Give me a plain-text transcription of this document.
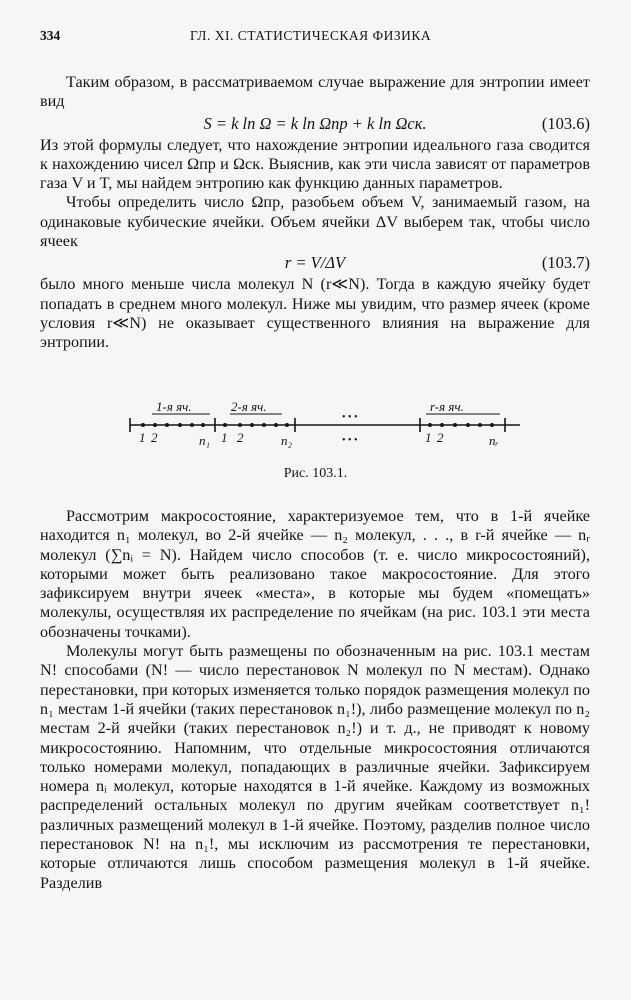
334	ГЛ. XI. СТАТИСТИЧЕСКАЯ ФИЗИКА

Таким образом, в рассматриваемом случае выражение для энтропии имеет вид

S = k ln Ω = k ln Ωпр + k ln Ωск.	(103.6)

Из этой формулы следует, что нахождение энтропии идеального газа сводится к нахождению чисел Ωпр и Ωск. Выяснив, как эти числа зависят от параметров газа V и T, мы найдем энтропию как функцию данных параметров.

Чтобы определить число Ωпр, разобьем объем V, занимаемый газом, на одинаковые кубические ячейки. Объем ячейки ΔV выберем так, чтобы число ячеек

r = V/ΔV	(103.7)

было много меньше числа молекул N (r≪N). Тогда в каждую ячейку будет попадать в среднем много молекул. Ниже мы увидим, что размер ячеек (кроме условия r≪N) не оказывает существенного влияния на выражение для энтропии.

1-я яч.	2-я яч.	r-я яч.
• • •
• • •
1 2	n₁ 1 2	n₂	1 2	nᵣ
Рис. 103.1.

Рассмотрим макросостояние, характеризуемое тем, что в 1-й ячейке находится n₁ молекул, во 2-й ячейке — n₂ молекул, . . ., в r-й ячейке — nᵣ молекул (∑nᵢ = N). Найдем число способов (т. е. число микросостояний), которыми может быть реализовано такое макросостояние. Для этого зафиксируем внутри ячеек «места», в которые мы будем «помещать» молекулы, осуществляя их распределение по ячейкам (на рис. 103.1 эти места обозначены точками).

Молекулы могут быть размещены по обозначенным на рис. 103.1 местам N! способами (N! — число перестановок N молекул по N местам). Однако перестановки, при которых изменяется только порядок размещения молекул по n₁ местам 1-й ячейки (таких перестановок n₁!), либо размещение молекул по n₂ местам 2-й ячейки (таких перестановок n₂!) и т. д., не приводят к новому микросостоянию. Напомним, что отдельные микросостояния отличаются только номерами молекул, попадающих в различные ячейки. Зафиксируем номера nᵢ молекул, которые находятся в 1-й ячейке. Каждому из возможных распределений остальных молекул по другим ячейкам соответствует n₁! различных размещений молекул в 1-й ячейке. Поэтому, разделив полное число перестановок N! на n₁!, мы исключим из рассмотрения те перестановки, которые отличаются лишь способом размещения молекул в 1-й ячейке. Разделив
